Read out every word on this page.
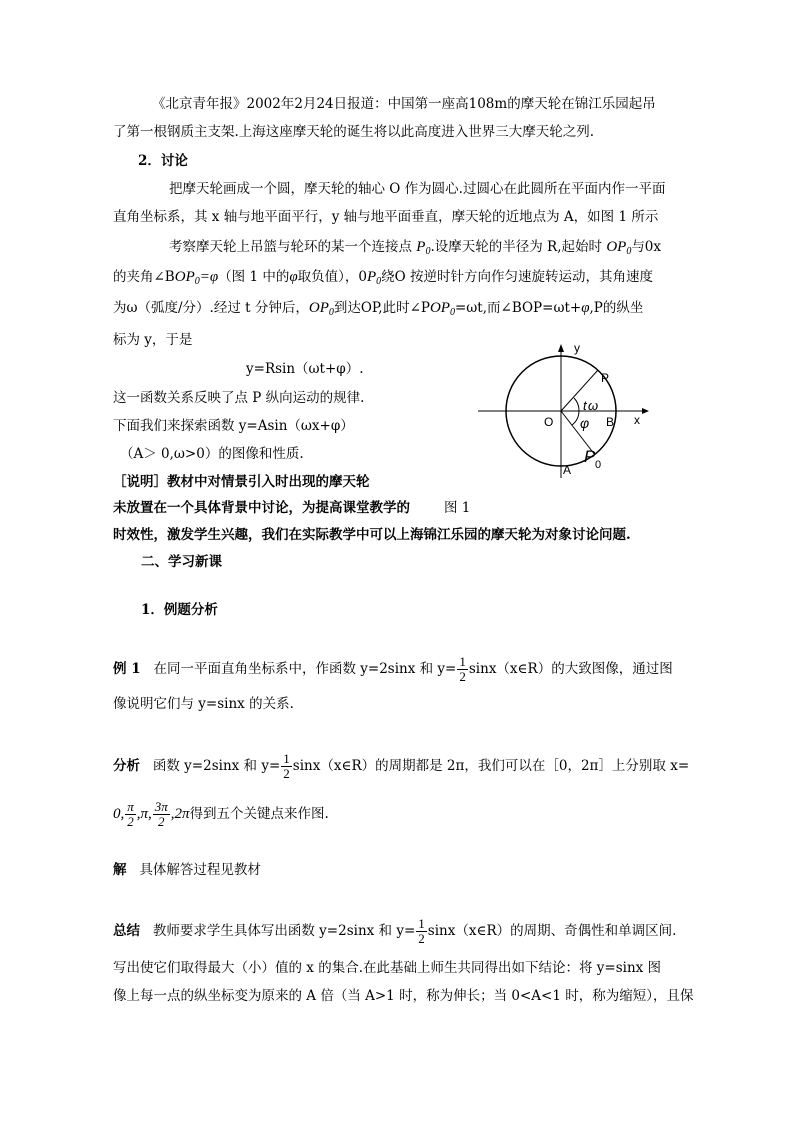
《北京青年报》2002年2月24日报道：中国第一座高108m的摩天轮在锦江乐园起吊
了第一根钢质主支架.上海这座摩天轮的诞生将以此高度进入世界三大摩天轮之列.
2．讨论
把摩天轮画成一个圆，摩天轮的轴心 O 作为圆心.过圆心在此圆所在平面内作一平面
直角坐标系，其 x 轴与地平面平行，y 轴与地平面垂直，摩天轮的近地点为 A，如图 1 所示
考察摩天轮上吊篮与轮环的某一个连接点 $P_0$.设摩天轮的半径为 R,起始时 $OP_0$与0x
的夹角$\angle BOP_0=\varphi$（图 1 中的φ取负值），$0P_0$绕O 按逆时针方向作匀速旋转运动，其角速度
为ω（弧度/分）.经过 t 分钟后，$OP_0$到达OP,此时$\angle POP_0=\omega t$,而∠BOP=ωt+φ,P的纵坐
标为 y，于是
y=Rsin（ωt+φ）.
这一函数关系反映了点 P 纵向运动的规律.
下面我们来探索函数 y=Asin（ωx+φ）
（A＞ 0,ω>0）的图像和性质.
［说明］教材中对情景引入时出现的摩天轮
未放置在一个具体背景中讨论，为提高课堂教学的	图 1
时效性，激发学生兴趣，我们在实际教学中可以上海锦江乐园的摩天轮为对象讨论问题.
y
x
P
O	B
A
t ω
φ
P 0
二、学习新课
1．例题分析
例 1 在同一平面直角坐标系中，作函数 y=2sinx 和 $y= \frac{1}{2}$ sinx（x∈R）的大致图像，通过图
像说明它们与 y=sinx 的关系.
分析 函数 y=2sinx 和 $y= \frac{1}{2}$ sinx（x∈R）的周期都是 2π，我们可以在［0，2π］上分别取 x=
0, $\frac{\pi}{2} ,\pi$, $\frac{3\pi}{2} ,2\pi$得到五个关键点来作图.
解 具体解答过程见教材
总结 教师要求学生具体写出函数 y=2sinx 和 $y= \frac{1}{2}$ sinx（x∈R）的周期、奇偶性和单调区间.
写出使它们取得最大（小）值的 x 的集合.在此基础上师生共同得出如下结论：将 y=sinx 图
像上每一点的纵坐标变为原来的 A 倍（当 A>1 时，称为伸长；当 0<A<1 时，称为缩短），且保
